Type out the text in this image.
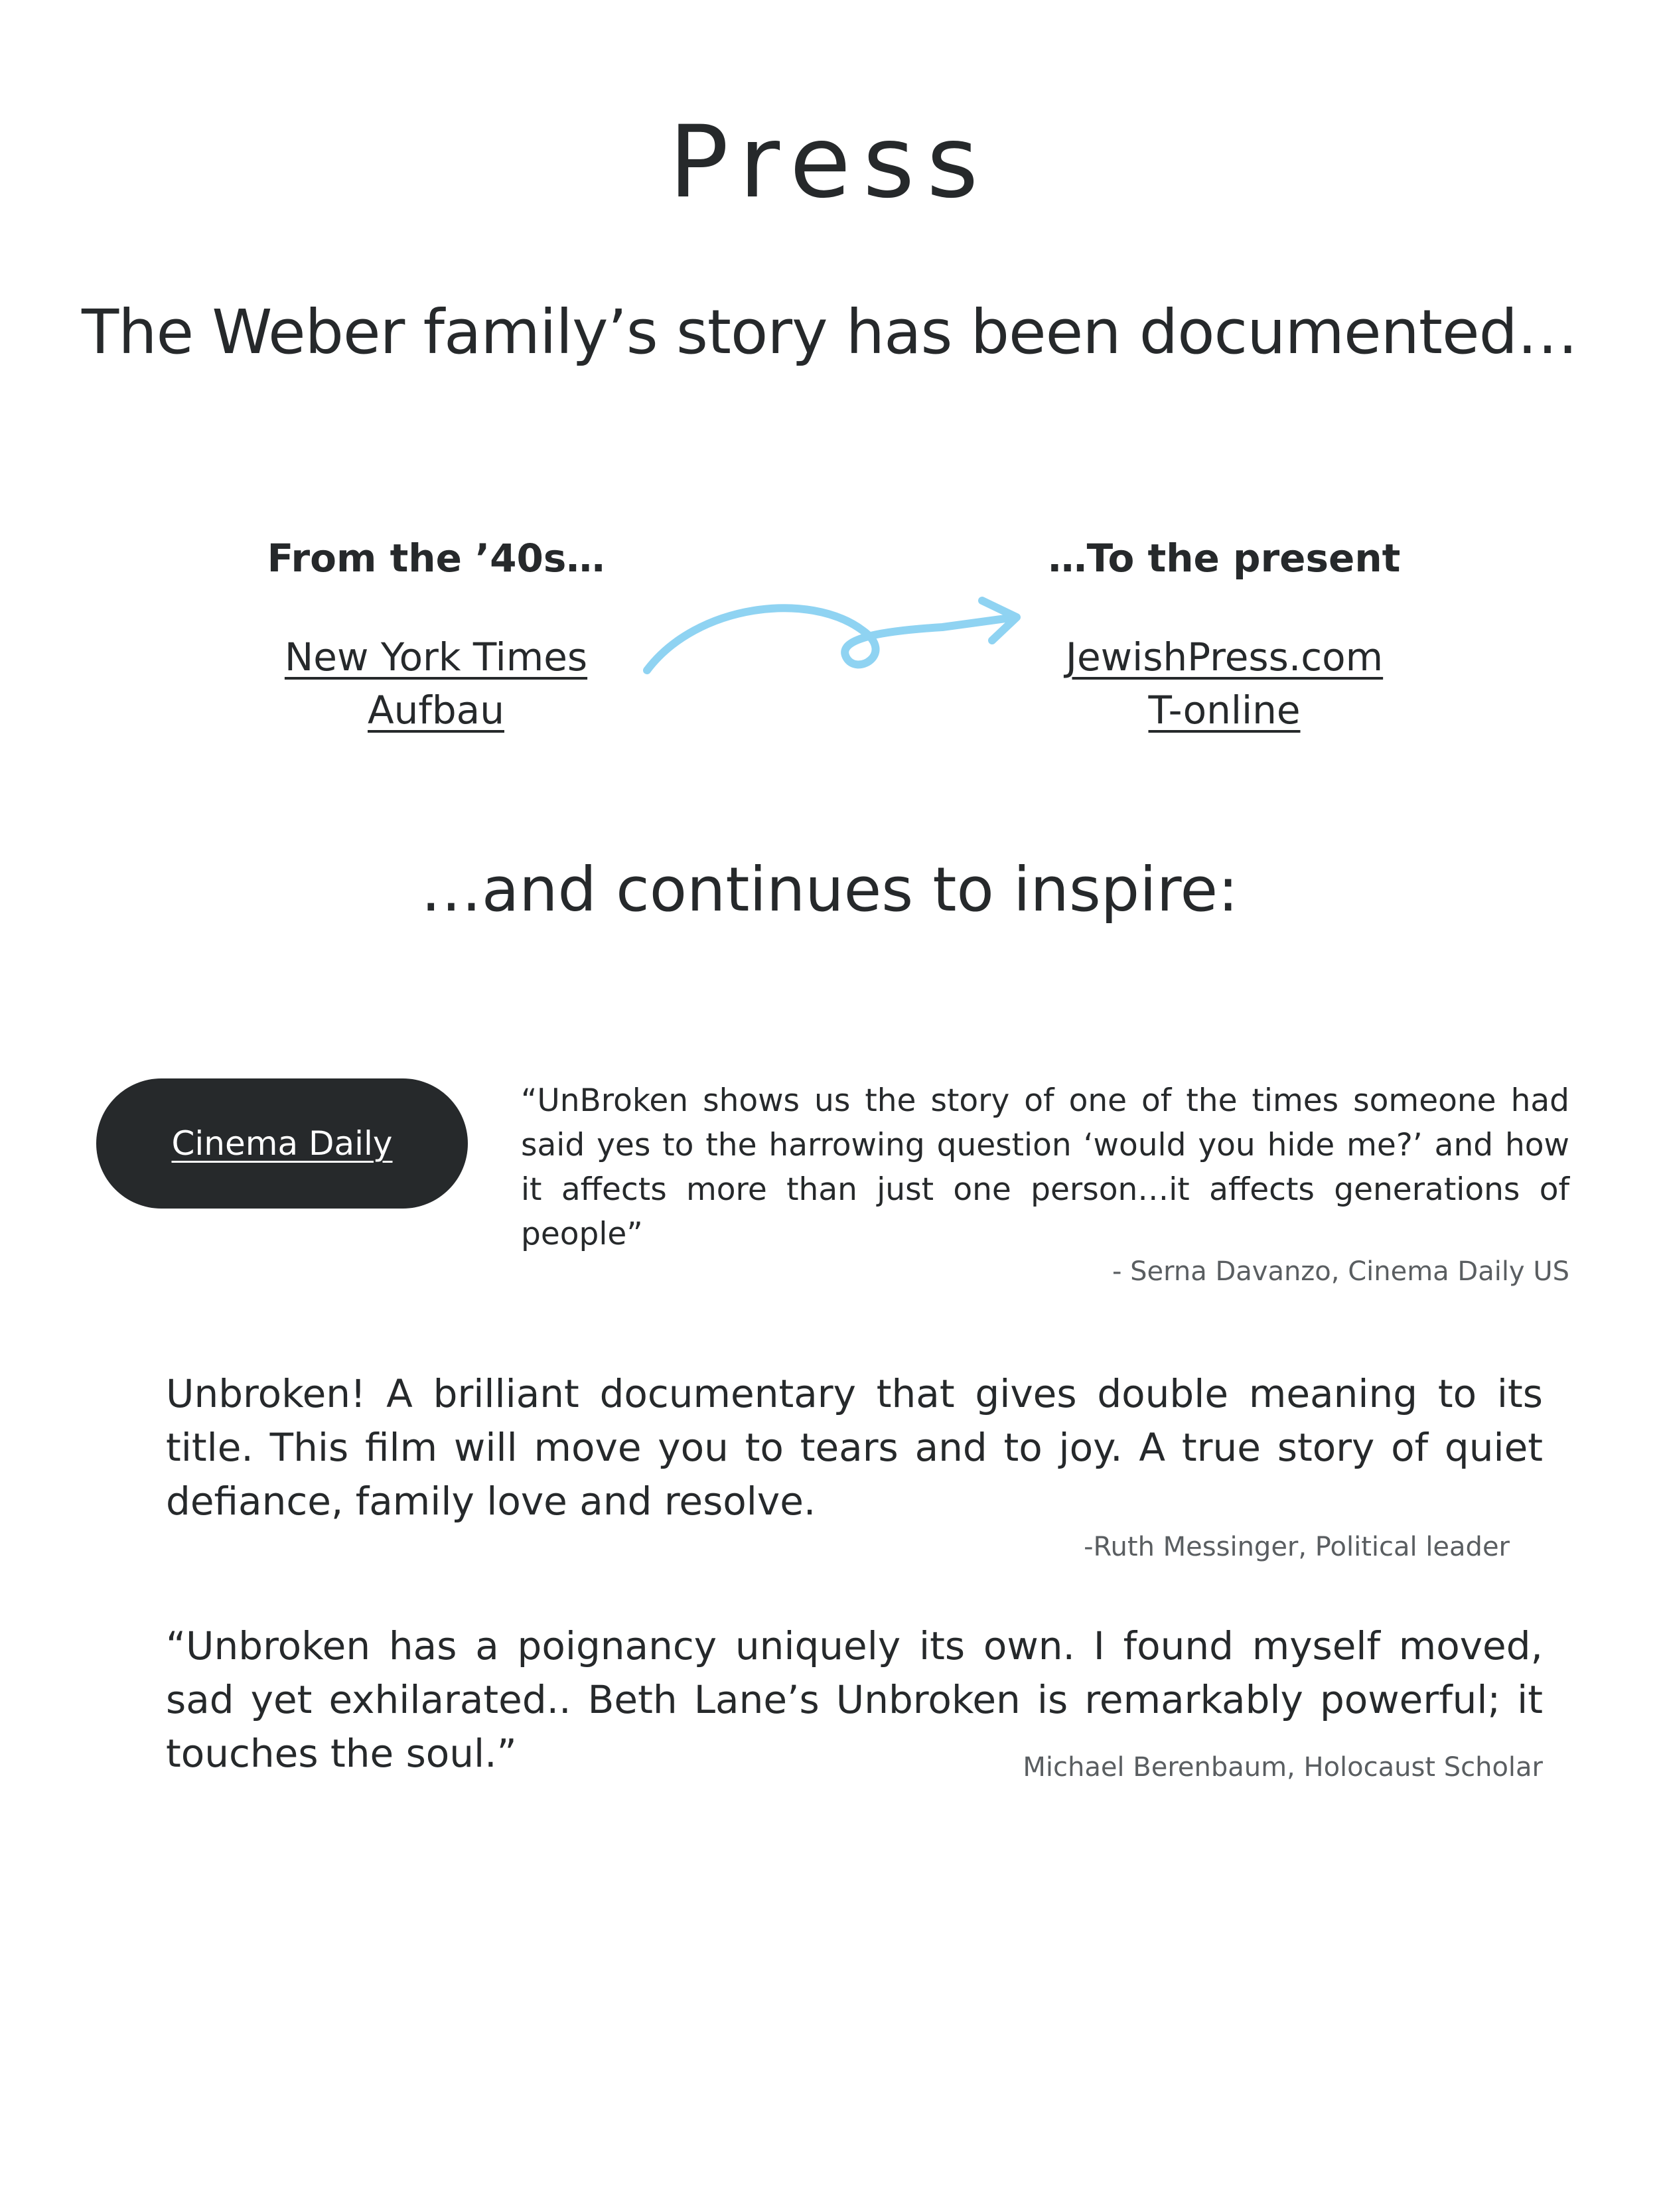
Press
The Weber family’s story has been documented…
From the ’40s…
New York Times
Aufbau
…To the present
JewishPress.com
T-online
…and continues to inspire:
Cinema Daily
“UnBroken shows us the story of one of the times someone had said yes to the harrowing question ‘would you hide me?’ and how it affects more than just one person…it affects generations of people”
- Serna Davanzo, Cinema Daily US
Unbroken! A brilliant documentary that gives double meaning to its title. This film will move you to tears and to joy. A true story of quiet defiance, family love and resolve.
-Ruth Messinger, Political leader
“Unbroken has a poignancy uniquely its own. I found myself moved, sad yet exhilarated.. Beth Lane’s Unbroken is remarkably powerful; it touches the soul.”	Michael Berenbaum, Holocaust Scholar
